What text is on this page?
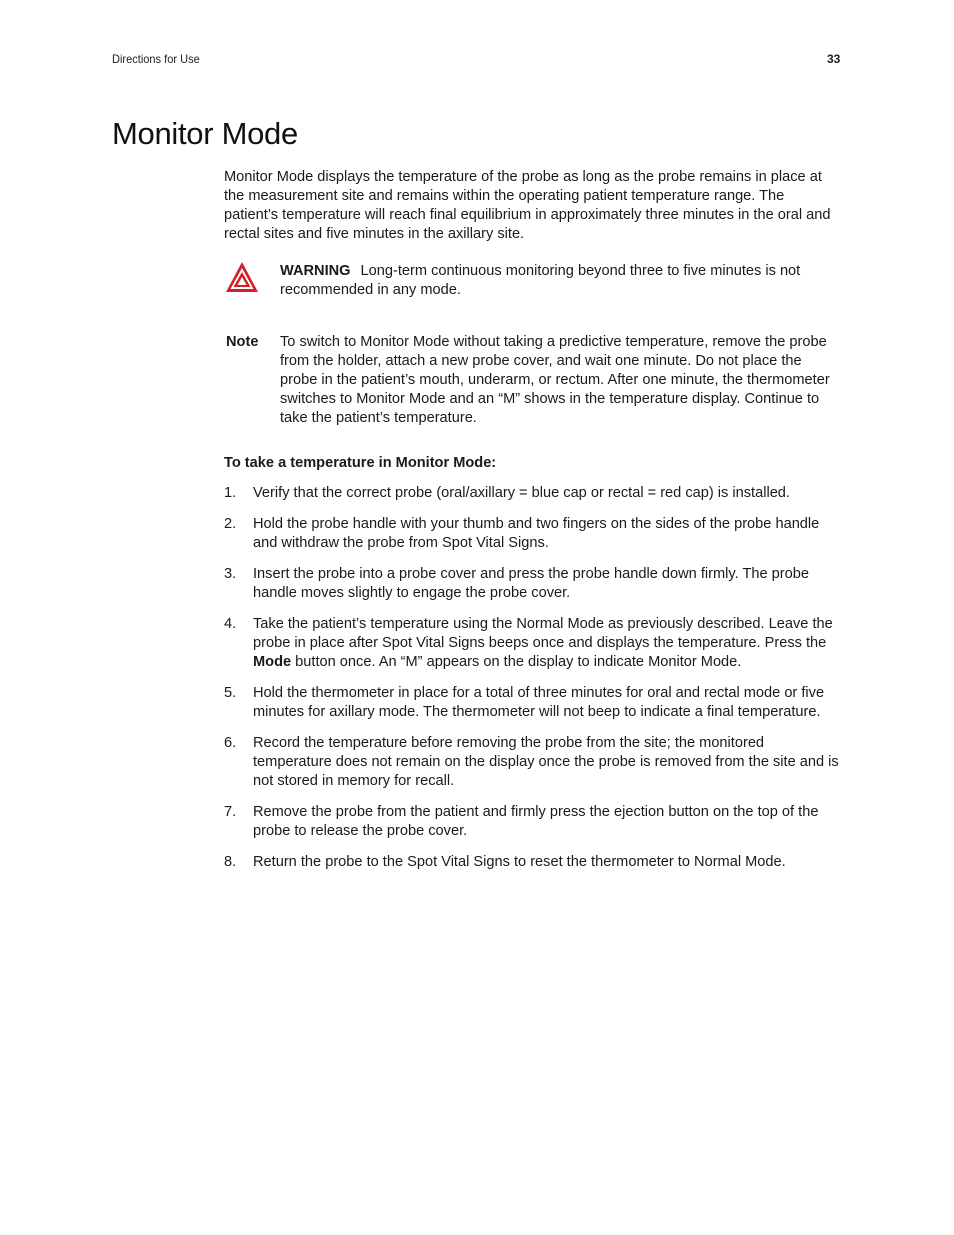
Directions for Use	33
Monitor Mode

Monitor Mode displays the temperature of the probe as long as the probe remains in place at the measurement site and remains within the operating patient temperature range. The patient’s temperature will reach final equilibrium in approximately three minutes in the oral and rectal sites and five minutes in the axillary site.

WARNING Long-term continuous monitoring beyond three to five minutes is not recommended in any mode.
Note To switch to Monitor Mode without taking a predictive temperature, remove the probe from the holder, attach a new probe cover, and wait one minute. Do not place the probe in the patient’s mouth, underarm, or rectum. After one minute, the thermometer switches to Monitor Mode and an “M” shows in the temperature display. Continue to take the patient’s temperature.
To take a temperature in Monitor Mode:
1. Verify that the correct probe (oral/axillary = blue cap or rectal = red cap) is installed.
2. Hold the probe handle with your thumb and two fingers on the sides of the probe handle and withdraw the probe from Spot Vital Signs.
3. Insert the probe into a probe cover and press the probe handle down firmly. The probe handle moves slightly to engage the probe cover.
4. Take the patient’s temperature using the Normal Mode as previously described. Leave the probe in place after Spot Vital Signs beeps once and displays the temperature. Press the Mode button once. An “M” appears on the display to indicate Monitor Mode.
5. Hold the thermometer in place for a total of three minutes for oral and rectal mode or five minutes for axillary mode. The thermometer will not beep to indicate a final temperature.
6. Record the temperature before removing the probe from the site; the monitored temperature does not remain on the display once the probe is removed from the site and is not stored in memory for recall.
7. Remove the probe from the patient and firmly press the ejection button on the top of the probe to release the probe cover.
8. Return the probe to the Spot Vital Signs to reset the thermometer to Normal Mode.
